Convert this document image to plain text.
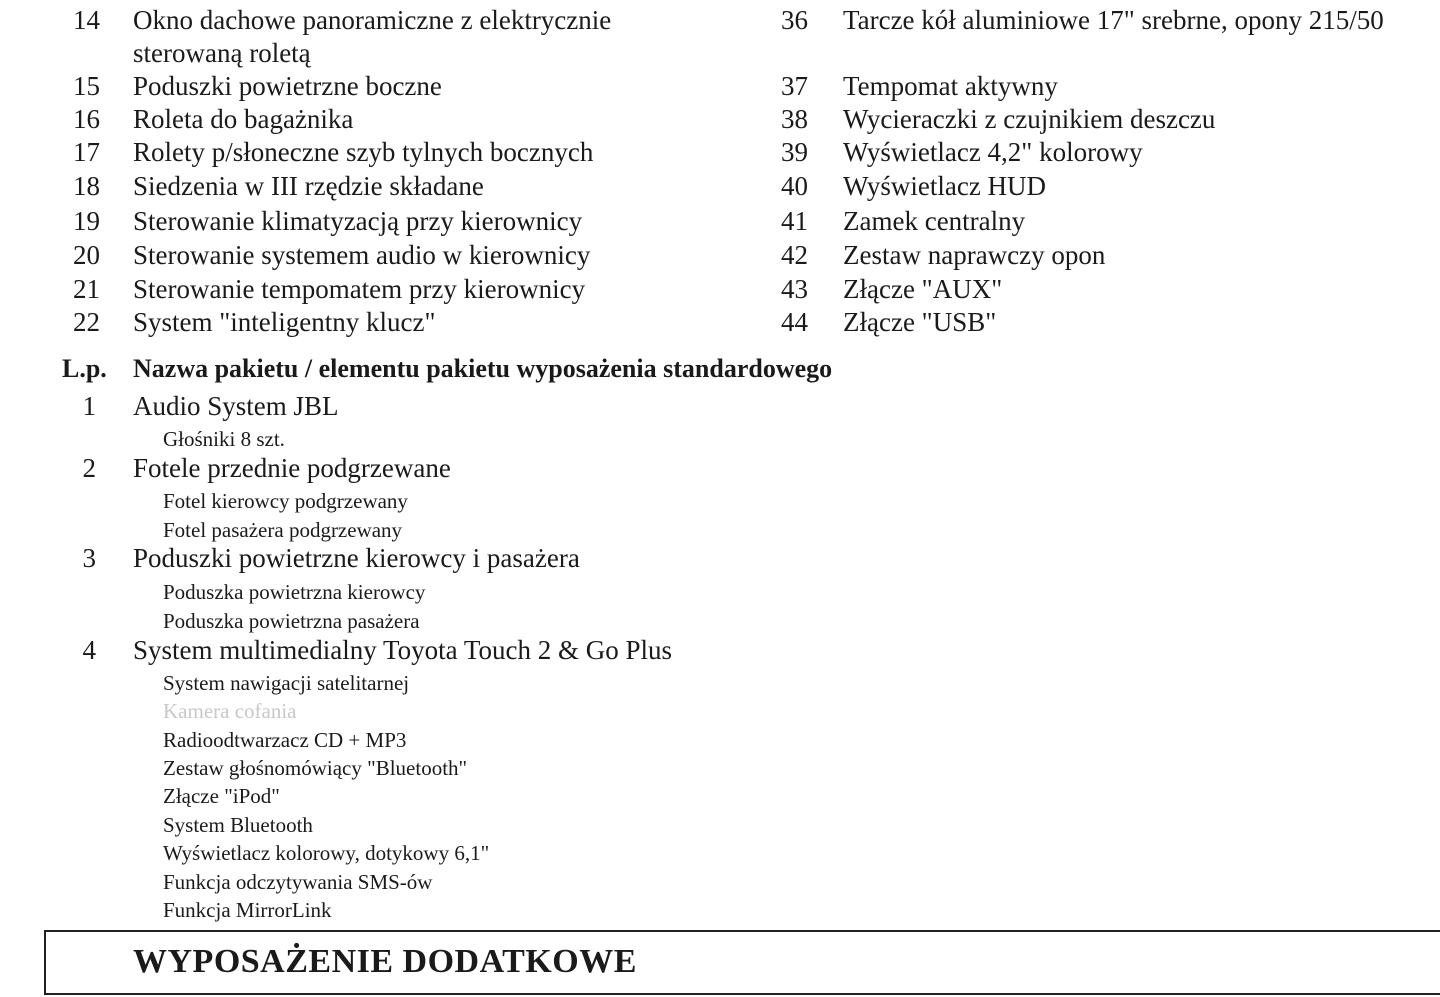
14 Okno dachowe panoramiczne z elektrycznie
sterowaną roletą
15 Poduszki powietrzne boczne
16 Roleta do bagażnika
17 Rolety p/słoneczne szyb tylnych bocznych
18 Siedzenia w III rzędzie składane
19 Sterowanie klimatyzacją przy kierownicy
20 Sterowanie systemem audio w kierownicy
21 Sterowanie tempomatem przy kierownicy
22 System "inteligentny klucz"
36 Tarcze kół aluminiowe 17" srebrne, opony 215/50
37 Tempomat aktywny
38 Wycieraczki z czujnikiem deszczu
39 Wyświetlacz 4,2" kolorowy
40 Wyświetlacz HUD
41 Zamek centralny
42 Zestaw naprawczy opon
43 Złącze "AUX"
44 Złącze "USB"
L.p. Nazwa pakietu / elementu pakietu wyposażenia standardowego
1 Audio System JBL
Głośniki 8 szt.
2 Fotele przednie podgrzewane
Fotel kierowcy podgrzewany
Fotel pasażera podgrzewany
3 Poduszki powietrzne kierowcy i pasażera
Poduszka powietrzna kierowcy
Poduszka powietrzna pasażera
4 System multimedialny Toyota Touch 2 & Go Plus
System nawigacji satelitarnej
Kamera cofania
Radioodtwarzacz CD + MP3
Zestaw głośnomówiący "Bluetooth"
Złącze "iPod"
System Bluetooth
Wyświetlacz kolorowy, dotykowy 6,1"
Funkcja odczytywania SMS-ów
Funkcja MirrorLink
WYPOSAŻENIE DODATKOWE
